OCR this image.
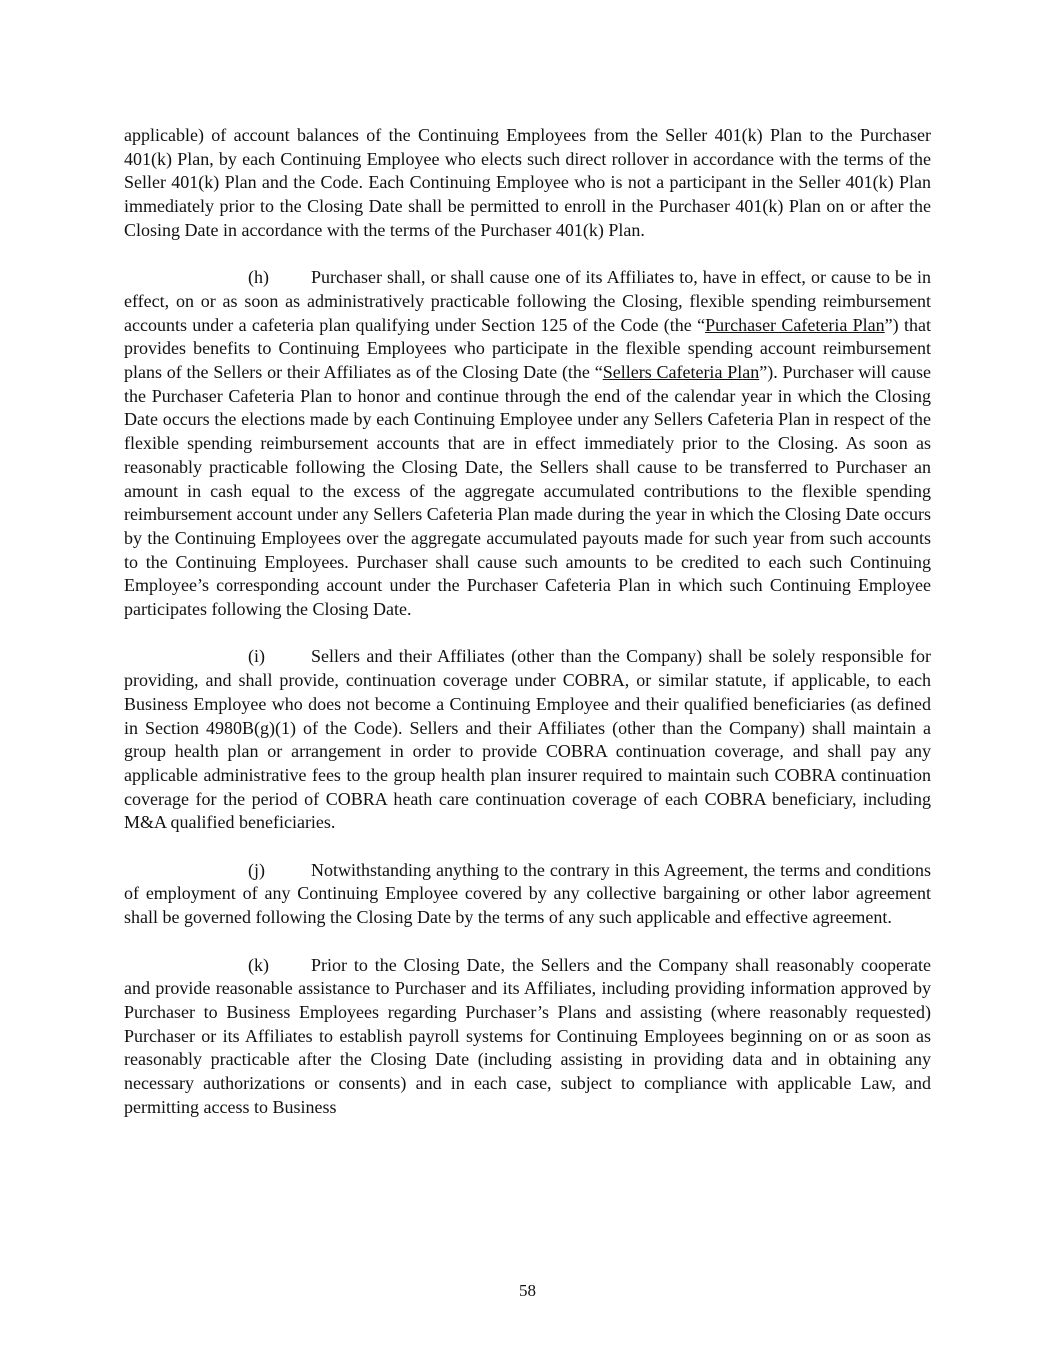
applicable) of account balances of the Continuing Employees from the Seller 401(k) Plan to the Purchaser 401(k) Plan, by each Continuing Employee who elects such direct rollover in accordance with the terms of the Seller 401(k) Plan and the Code. Each Continuing Employee who is not a participant in the Seller 401(k) Plan immediately prior to the Closing Date shall be permitted to enroll in the Purchaser 401(k) Plan on or after the Closing Date in accordance with the terms of the Purchaser 401(k) Plan.

(h) Purchaser shall, or shall cause one of its Affiliates to, have in effect, or cause to be in effect, on or as soon as administratively practicable following the Closing, flexible spending reimbursement accounts under a cafeteria plan qualifying under Section 125 of the Code (the “Purchaser Cafeteria Plan”) that provides benefits to Continuing Employees who participate in the flexible spending account reimbursement plans of the Sellers or their Affiliates as of the Closing Date (the “Sellers Cafeteria Plan”). Purchaser will cause the Purchaser Cafeteria Plan to honor and continue through the end of the calendar year in which the Closing Date occurs the elections made by each Continuing Employee under any Sellers Cafeteria Plan in respect of the flexible spending reimbursement accounts that are in effect immediately prior to the Closing. As soon as reasonably practicable following the Closing Date, the Sellers shall cause to be transferred to Purchaser an amount in cash equal to the excess of the aggregate accumulated contributions to the flexible spending reimbursement account under any Sellers Cafeteria Plan made during the year in which the Closing Date occurs by the Continuing Employees over the aggregate accumulated payouts made for such year from such accounts to the Continuing Employees. Purchaser shall cause such amounts to be credited to each such Continuing Employee’s corresponding account under the Purchaser Cafeteria Plan in which such Continuing Employee participates following the Closing Date.

(i)	Sellers and their Affiliates (other than the Company) shall be solely responsible for providing, and shall provide, continuation coverage under COBRA, or similar statute, if applicable, to each Business Employee who does not become a Continuing Employee and their qualified beneficiaries (as defined in Section 4980B(g)(1) of the Code). Sellers and their Affiliates (other than the Company) shall maintain a group health plan or arrangement in order to provide COBRA continuation coverage, and shall pay any applicable administrative fees to the group health plan insurer required to maintain such COBRA continuation coverage for the period of COBRA heath care continuation coverage of each COBRA beneficiary, including M&A qualified beneficiaries.

(j)	Notwithstanding anything to the contrary in this Agreement, the terms and conditions of employment of any Continuing Employee covered by any collective bargaining or other labor agreement shall be governed following the Closing Date by the terms of any such applicable and effective agreement.

(k) Prior to the Closing Date, the Sellers and the Company shall reasonably cooperate and provide reasonable assistance to Purchaser and its Affiliates, including providing information approved by Purchaser to Business Employees regarding Purchaser’s Plans and assisting (where reasonably requested) Purchaser or its Affiliates to establish payroll systems for Continuing Employees beginning on or as soon as reasonably practicable after the Closing Date (including assisting in providing data and in obtaining any necessary authorizations or consents) and in each case, subject to compliance with applicable Law, and permitting access to Business

58
